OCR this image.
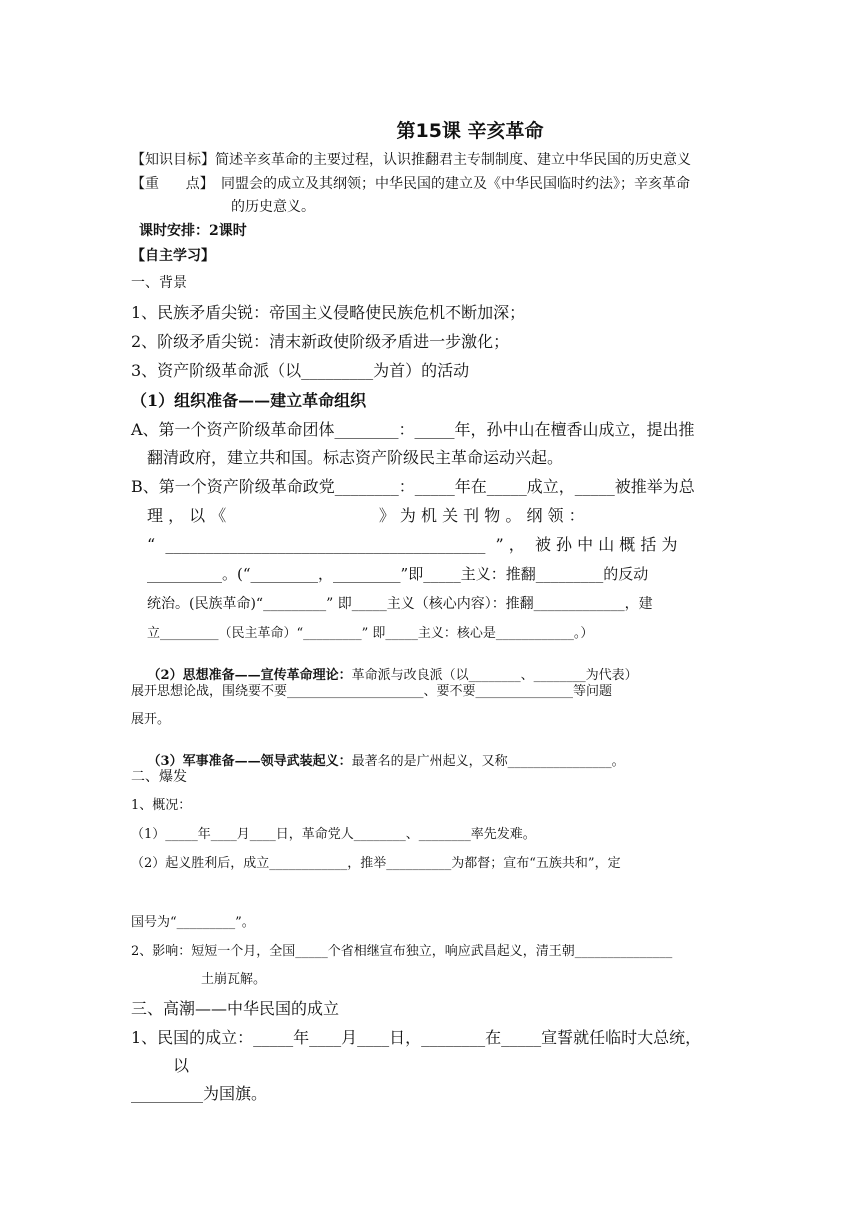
第15课 辛亥革命
【知识目标】简述辛亥革命的主要过程，认识推翻君主专制制度、建立中华民国的历史意义
【重      点】 同盟会的成立及其纲领；中华民国的建立及《中华民国临时约法》；辛亥革命
的历史意义。
课时安排：2课时
【自主学习】
一、背景
1、民族矛盾尖锐：帝国主义侵略使民族危机不断加深；
2、阶级矛盾尖锐：清末新政使阶级矛盾进一步激化；
3、资产阶级革命派（以_________为首）的活动
（1）组织准备——建立革命组织
A、第一个资产阶级革命团体________：_____年，孙中山在檀香山成立，提出推
翻清政府，建立共和国。标志资产阶级民主革命运动兴起。
B、第一个资产阶级革命政党________：_____年在_____成立，_____被推举为总
理 ， 以 《                              》 为 机 关 刊 物 。 纲 领 ：
“  ________________________________________  ” ，  被 孙 中 山 概 括 为
__________。(“_________，_________”即_____主义：推翻_________的反动
统治。(民族革命)“_________” 即_____主义（核心内容）：推翻_____________，建
立_________（民主革命）“_________” 即_____主义：核心是____________。）

（2）思想准备——宣传革命理论：革命派与改良派（以________、________为代表）

展开思想论战，围绕要不要_____________________、要不要_______________等问题
展开。

（3）军事准备——领导武装起义：最著名的是广州起义，又称________________。

二、爆发
1、概况：
（1）_____年____月____日，革命党人________、________率先发难。
（2）起义胜利后，成立____________，推举__________为都督；宣布“五族共和”，定
国号为“_________”。
2、影响：短短一个月，全国_____个省相继宣布独立，响应武昌起义，清王朝_______________
土崩瓦解。
三、高潮——中华民国的成立
1、民国的成立：_____年____月____日，________在_____宣誓就任临时大总统，
以
_________为国旗。
